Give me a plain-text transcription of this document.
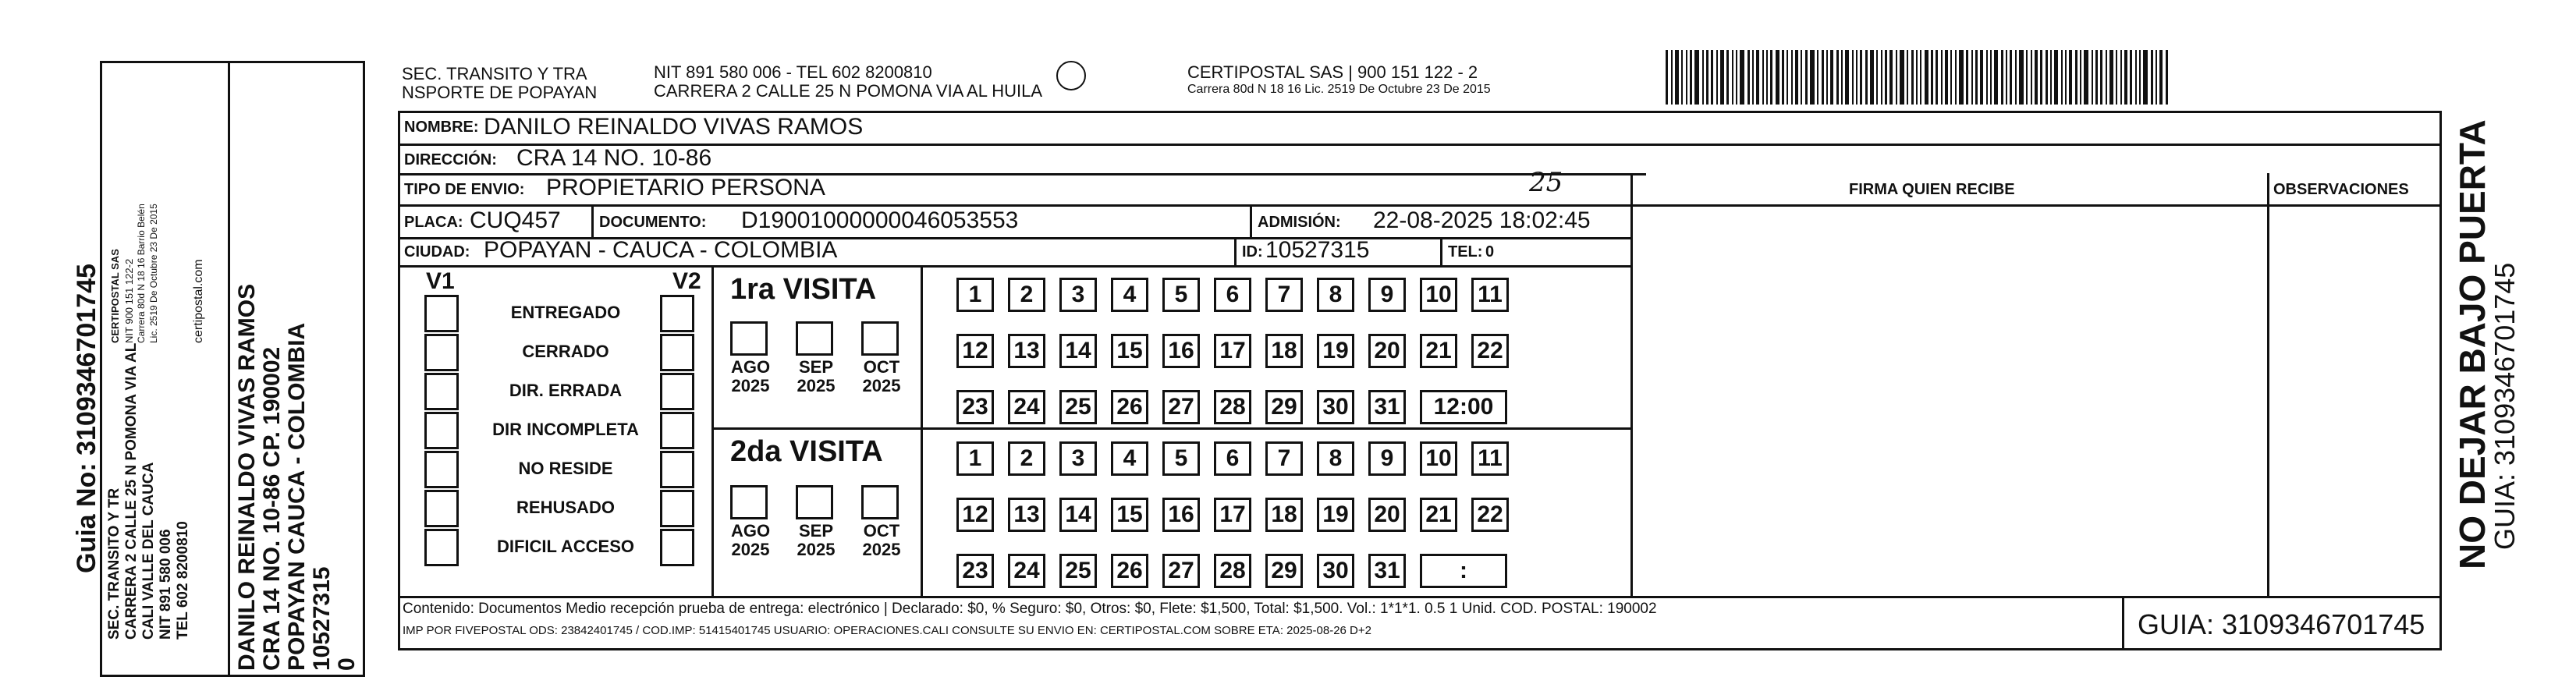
Guia No: 3109346701745 SEC. TRANSITO Y TR CARRERA 2 CALLE 25 N POMONA VIA AL CALI VALLE DEL CAUCA NIT 891 580 006 TEL 602 8200810
CERTIPOSTAL SAS NIT 900 151 122-2 Carrera 80d N 18 16 Barrio Belén Lic. 2519 De Octubre 23 De 2015	certipostal.com DANILO REINALDO VIVAS RAMOS CRA 14 NO. 10-86 CP. 190002 POPAYAN CAUCA - COLOMBIA 10527315 0
SEC. TRANSITO Y TRA
NSPORTE DE POPAYAN
NIT 891 580 006 - TEL 602 8200810
CARRERA 2 CALLE 25 N POMONA VIA AL HUILA
CERTIPOSTAL SAS | 900 151 122 - 2
Carrera 80d N 18 16 Lic. 2519 De Octubre 23 De 2015
NOMBRE: DANILO REINALDO VIVAS RAMOS
DIRECCIÓN: CRA 14 NO. 10-86
TIPO DE ENVIO: PROPIETARIO PERSONA	25
PLACA: CUQ457 DOCUMENTO: D19001000000046053553	ADMISIÓN: 22-08-2025 18:02:45
CIUDAD: POPAYAN - CAUCA - COLOMBIA	ID: 10527315	TEL: 0
FIRMA QUIEN RECIBE	OBSERVACIONES
V1	V2
ENTREGADO
CERRADO
DIR. ERRADA
DIR INCOMPLETA
NO RESIDE
REHUSADO
DIFICIL ACCESO
1ra VISITA
2da VISITA
1	2	3	4	5	6	7	8	9	10 11
12 13 14 15 16 17 18 19 20 21 22
23 24 25 26 27 28 29 30 31	12:00
AGO
2025
SEP
2025
OCT
2025
1	2	3	4	5	6	7	8	9	10 11
12 13 14 15 16 17 18 19 20 21 22
23 24 25 26 27 28 29 30 31	:
AGO
2025
SEP
2025
OCT
2025
GUIA: 3109346701745
Contenido: Documentos Medio recepción prueba de entrega: electrónico | Declarado: $0, % Seguro: $0, Otros: $0, Flete: $1,500, Total: $1,500. Vol.: 1*1*1. 0.5 1 Unid. COD. POSTAL: 190002
IMP POR FIVEPOSTAL ODS: 23842401745 / COD.IMP: 51415401745 USUARIO: OPERACIONES.CALI CONSULTE SU ENVIO EN: CERTIPOSTAL.COM SOBRE ETA: 2025-08-26 D+2
NO DEJAR BAJO PUERTA
GUIA: 3109346701745
